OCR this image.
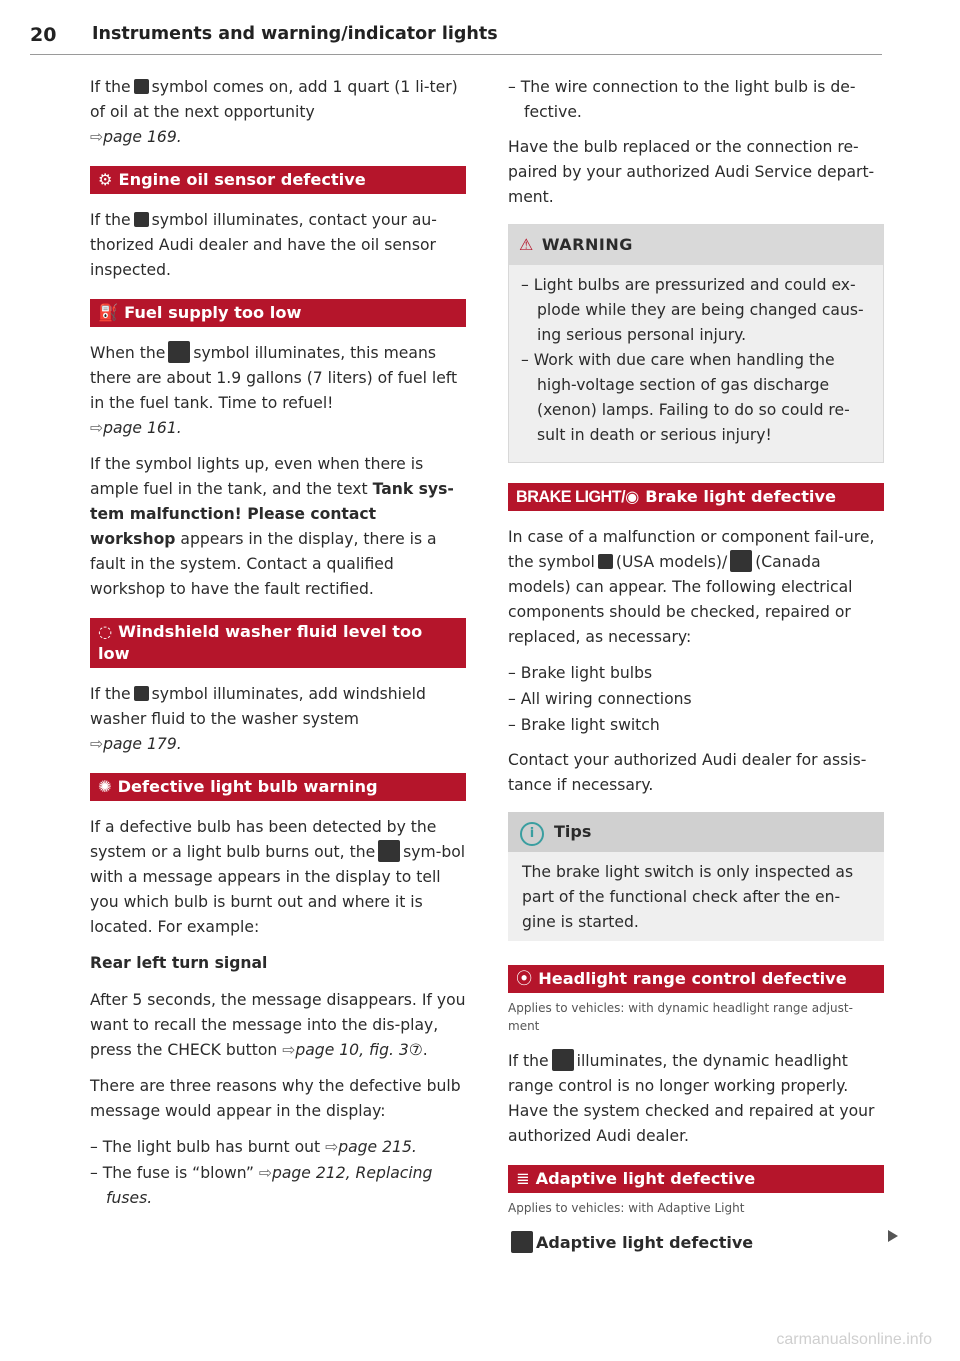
20 Instruments and warning/indicator lights

If the symbol comes on, add 1 quart (1 li-ter) of oil at the next opportunity
⇨page 169.

⚙ Engine oil sensor defective

If the symbol illuminates, contact your au-thorized Audi dealer and have the oil sensor inspected.

⛽ Fuel supply too low

When the symbol illuminates, this means there are about 1.9 gallons (7 liters) of fuel left in the fuel tank. Time to refuel!
⇨page 161.

If the symbol lights up, even when there is ample fuel in the tank, and the text Tank sys-tem malfunction! Please contact workshop appears in the display, there is a fault in the system. Contact a qualified workshop to have the fault rectified.

◌ Windshield washer fluid level too low

If the symbol illuminates, add windshield washer fluid to the washer system
⇨page 179.

✺ Defective light bulb warning

If a defective bulb has been detected by the system or a light bulb burns out, the sym-bol with a message appears in the display to tell you which bulb is burnt out and where it is located. For example:

Rear left turn signal

After 5 seconds, the message disappears. If you want to recall the message into the dis-play, press the CHECK button ⇨page 10, fig. 3⑦.

There are three reasons why the defective bulb message would appear in the display:

– The light bulb has burnt out ⇨page 215.
– The fuse is “blown” ⇨page 212, Replacing fuses.
– The wire connection to the light bulb is de-fective.

Have the bulb replaced or the connection re-paired by your authorized Audi Service depart-ment.

⚠ WARNING
– Light bulbs are pressurized and could ex-plode while they are being changed caus-ing serious personal injury.
– Work with due care when handling the high-voltage section of gas discharge (xenon) lamps. Failing to do so could re-sult in death or serious injury!
BRAKE LIGHT/◉ Brake light defective

In case of a malfunction or component fail-ure, the symbol (USA models)/ (Canada models) can appear. The following electrical components should be checked, repaired or replaced, as necessary:

– Brake light bulbs
– All wiring connections
– Brake light switch

Contact your authorized Audi dealer for assis-tance if necessary.

i Tips

The brake light switch is only inspected as part of the functional check after the en-gine is started.

⦿ Headlight range control defective
Applies to vehicles: with dynamic headlight range adjust-ment

If the illuminates, the dynamic headlight range control is no longer working properly. Have the system checked and repaired at your authorized Audi dealer.

≣ Adaptive light defective
Applies to vehicles: with Adaptive Light
Adaptive light defective
carmanualsonline.info
